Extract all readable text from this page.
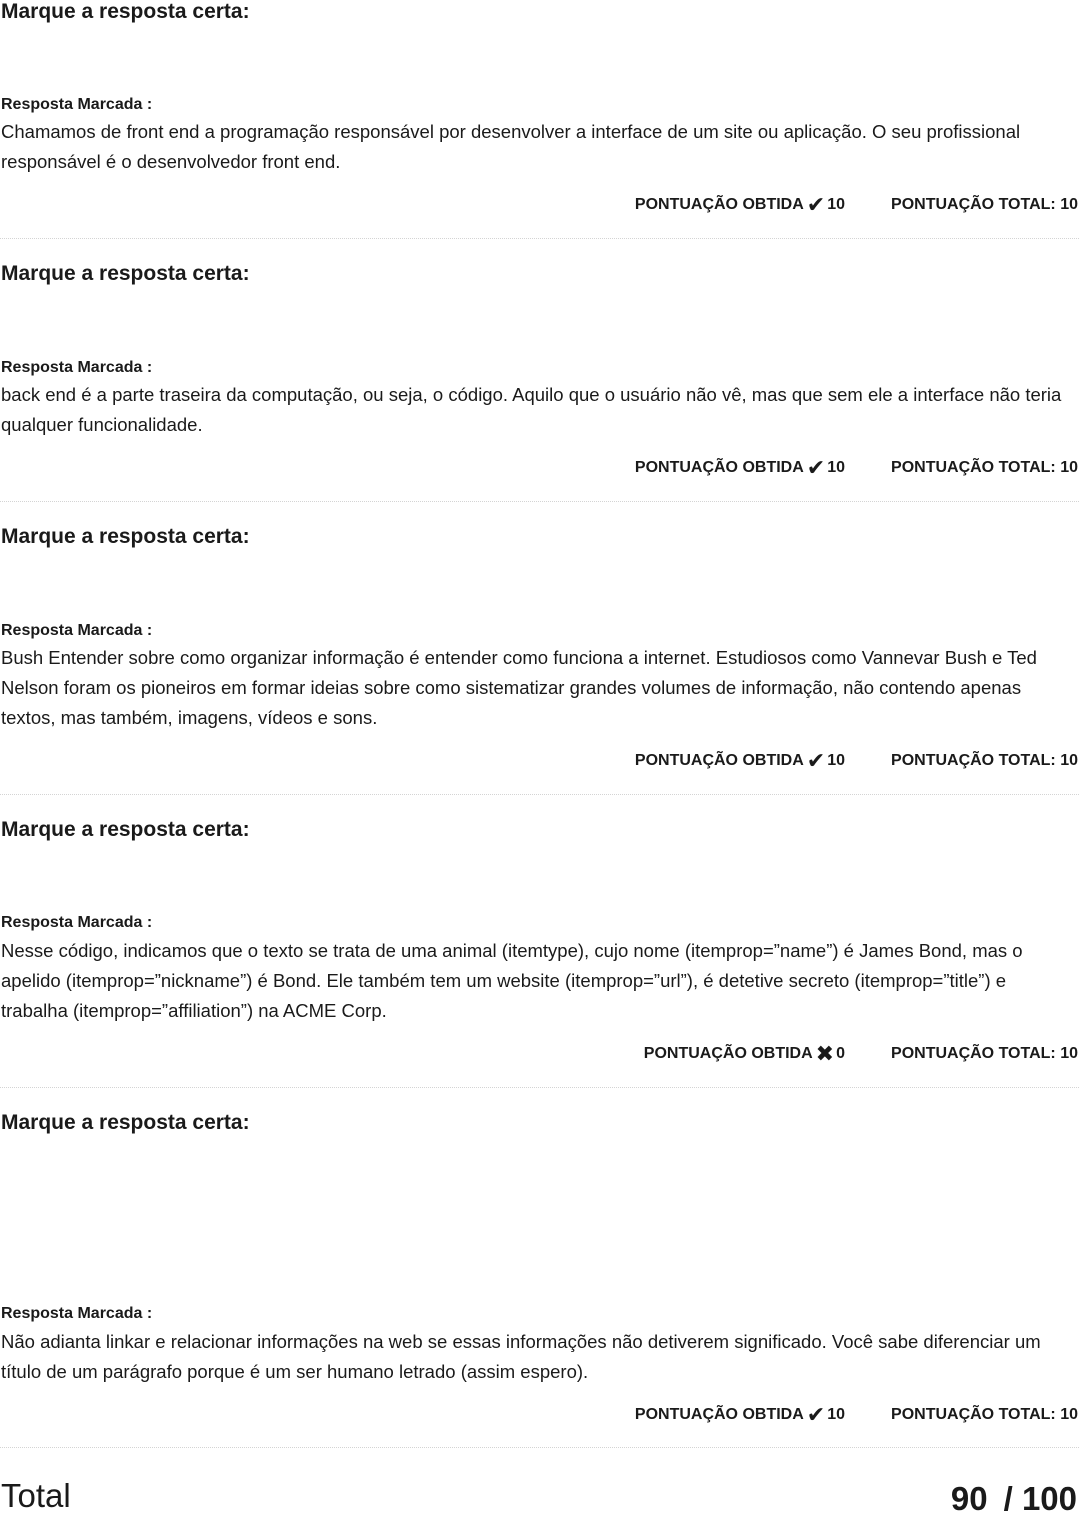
Marque a resposta certa:
Resposta Marcada :
Chamamos de front end a programação responsável por desenvolver a interface de um site ou aplicação. O seu profissional responsável é o desenvolvedor front end.
PONTUAÇÃO OBTIDA ✔ 10	PONTUAÇÃO TOTAL: 10
Marque a resposta certa:
Resposta Marcada :
back end é a parte traseira da computação, ou seja, o código. Aquilo que o usuário não vê, mas que sem ele a interface não teria qualquer funcionalidade.
PONTUAÇÃO OBTIDA ✔ 10	PONTUAÇÃO TOTAL: 10
Marque a resposta certa:
Resposta Marcada :
Bush Entender sobre como organizar informação é entender como funciona a internet. Estudiosos como Vannevar Bush e Ted Nelson foram os pioneiros em formar ideias sobre como sistematizar grandes volumes de informação, não contendo apenas textos, mas também, imagens, vídeos e sons.
PONTUAÇÃO OBTIDA ✔ 10	PONTUAÇÃO TOTAL: 10
Marque a resposta certa:
Resposta Marcada :
Nesse código, indicamos que o texto se trata de uma animal (itemtype), cujo nome (itemprop=”name”) é James Bond, mas o apelido (itemprop=”nickname”) é Bond. Ele também tem um website (itemprop=”url”), é detetive secreto (itemprop=”title”) e trabalha (itemprop=”affiliation”) na ACME Corp.
PONTUAÇÃO OBTIDA ✖ 0	PONTUAÇÃO TOTAL: 10
Marque a resposta certa:
Resposta Marcada :
Não adianta linkar e relacionar informações na web se essas informações não detiverem significado. Você sabe diferenciar um título de um parágrafo porque é um ser humano letrado (assim espero).
PONTUAÇÃO OBTIDA ✔ 10	PONTUAÇÃO TOTAL: 10
Total	90 / 100
